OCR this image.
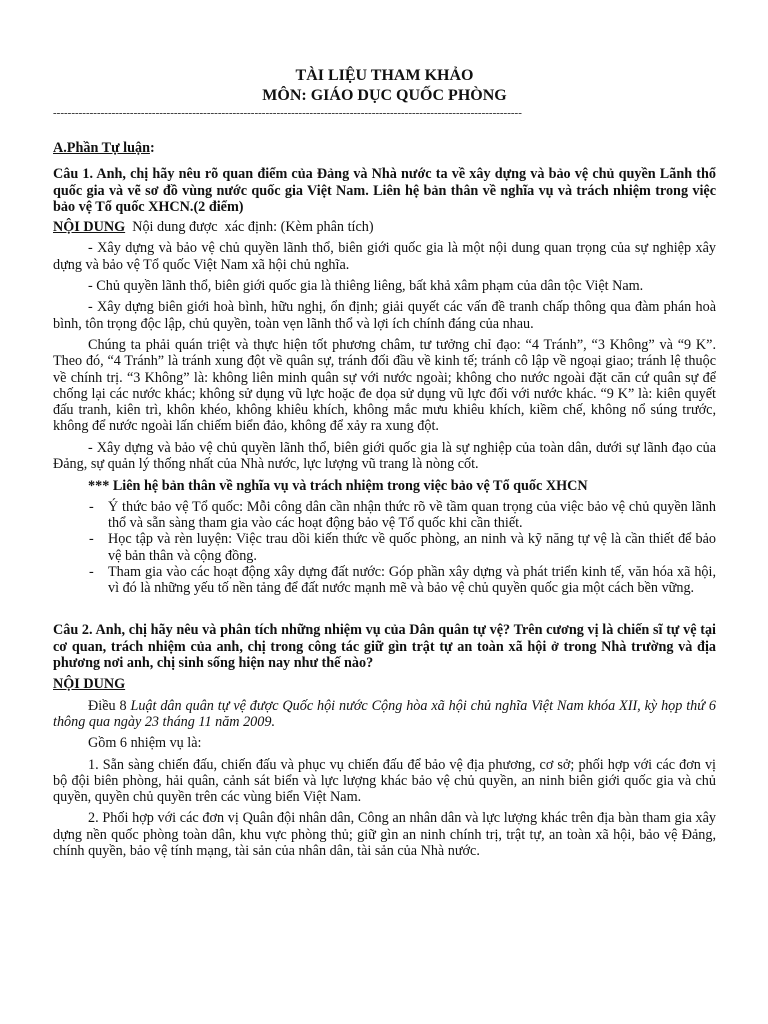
TÀI LIỆU THAM KHẢO
MÔN: GIÁO DỤC QUỐC PHÒNG
--------------------------------------------------------------------------------------------------------------------------------

A.Phần Tự luận:

Câu 1. Anh, chị hãy nêu rõ quan điểm của Đảng và Nhà nước ta về xây dựng và bảo vệ chủ quyền Lãnh thổ quốc gia và vẽ sơ đồ vùng nước quốc gia Việt Nam. Liên hệ bản thân về nghĩa vụ và trách nhiệm trong việc bảo vệ Tổ quốc XHCN.(2 điểm)

NỘI DUNG  Nội dung được  xác định: (Kèm phân tích)

- Xây dựng và bảo vệ chủ quyền lãnh thổ, biên giới quốc gia là một nội dung quan trọng của sự nghiệp xây dựng và bảo vệ Tổ quốc Việt Nam xã hội chủ nghĩa.

- Chủ quyền lãnh thổ, biên giới quốc gia là thiêng liêng, bất khả xâm phạm của dân tộc Việt Nam.

- Xây dựng biên giới hoà bình, hữu nghị, ổn định; giải quyết các vấn đề tranh chấp thông qua đàm phán hoà bình, tôn trọng độc lập, chủ quyền, toàn vẹn lãnh thổ và lợi ích chính đáng của nhau.

Chúng ta phải quán triệt và thực hiện tốt phương châm, tư tưởng chỉ đạo: “4 Tránh”, “3 Không” và “9 K”. Theo đó, “4 Tránh” là tránh xung đột về quân sự, tránh đối đầu về kinh tế; tránh cô lập về ngoại giao; tránh lệ thuộc về chính trị. “3 Không” là: không liên minh quân sự với nước ngoài; không cho nước ngoài đặt căn cứ quân sự để chống lại các nước khác; không sử dụng vũ lực hoặc đe dọa sử dụng vũ lực đối với nước khác. “9 K” là: kiên quyết đấu tranh, kiên trì, khôn khéo, không khiêu khích, không mắc mưu khiêu khích, kiềm chế, không nổ súng trước, không để nước ngoài lấn chiếm biển đảo, không để xảy ra xung đột.

- Xây dựng và bảo vệ chủ quyền lãnh thổ, biên giới quốc gia là sự nghiệp của toàn dân, dưới sự lãnh đạo của Đảng, sự quản lý thống nhất của Nhà nước, lực lượng vũ trang là nòng cốt.

*** Liên hệ bản thân về nghĩa vụ và trách nhiệm trong việc bảo vệ Tổ quốc XHCN

- Ý thức bảo vệ Tổ quốc: Mỗi công dân cần nhận thức rõ về tầm quan trọng của việc bảo vệ chủ quyền lãnh thổ và sẵn sàng tham gia vào các hoạt động bảo vệ Tổ quốc khi cần thiết.
- Học tập và rèn luyện: Việc trau dồi kiến thức về quốc phòng, an ninh và kỹ năng tự vệ là cần thiết để bảo vệ bản thân và cộng đồng.
- Tham gia vào các hoạt động xây dựng đất nước: Góp phần xây dựng và phát triển kinh tế, văn hóa xã hội, vì đó là những yếu tố nền tảng để đất nước mạnh mẽ và bảo vệ chủ quyền quốc gia một cách bền vững.

Câu 2. Anh, chị hãy nêu và phân tích những nhiệm vụ của Dân quân tự vệ? Trên cương vị là chiến sĩ tự vệ tại cơ quan, trách nhiệm của anh, chị trong công tác giữ gìn trật tự an toàn xã hội ở trong Nhà trường và địa phương nơi anh, chị sinh sống hiện nay như thế nào?

NỘI DUNG

Điều 8 Luật dân quân tự vệ được Quốc hội nước Cộng hòa xã hội chủ nghĩa Việt Nam khóa XII, kỳ họp thứ 6 thông qua ngày 23 tháng 11 năm 2009.

Gồm 6 nhiệm vụ là:

1. Sẵn sàng chiến đấu, chiến đấu và phục vụ chiến đấu để bảo vệ địa phương, cơ sở; phối hợp với các đơn vị bộ đội biên phòng, hải quân, cảnh sát biển và lực lượng khác bảo vệ chủ quyền, an ninh biên giới quốc gia và chủ quyền, quyền chủ quyền trên các vùng biển Việt Nam.

2. Phối hợp với các đơn vị Quân đội nhân dân, Công an nhân dân và lực lượng khác trên địa bàn tham gia xây dựng nền quốc phòng toàn dân, khu vực phòng thủ; giữ gìn an ninh chính trị, trật tự, an toàn xã hội, bảo vệ Đảng, chính quyền, bảo vệ tính mạng, tài sản của nhân dân, tài sản của Nhà nước.
